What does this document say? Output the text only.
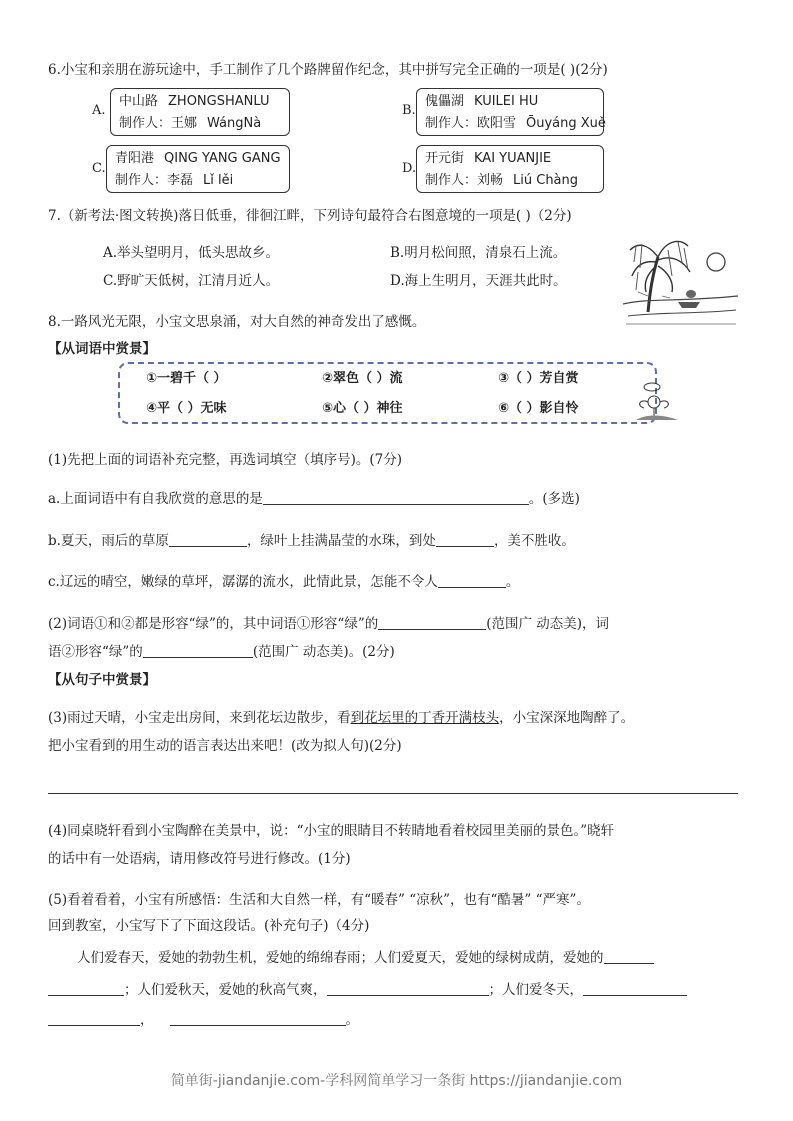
6.小宝和亲朋在游玩途中，手工制作了几个路牌留作纪念，其中拼写完全正确的一项是( )(2分)
A.
中山路 ZHONGSHANLU
制作人：王娜 WángNà
B.
傀儡湖 KUILEI HU
制作人：欧阳雪 Ōuyáng Xuě
C.
青阳港 QING YANG GANG
制作人：李磊 Lǐ lěi
D.
开元街 KAI YUANJIE
制作人：刘畅 Liú Chàng
7.（新考法·图文转换)落日低垂，徘徊江畔，下列诗句最符合右图意境的一项是( )（2分)
A.举头望明月，低头思故乡。	B.明月松间照，清泉石上流。
C.野旷天低树，江清月近人。	D.海上生明月，天涯共此时。
8.一路风光无限，小宝文思泉涌，对大自然的神奇发出了感慨。
【从词语中赏景】
①一碧千（ ）	②翠色（ ）流	③（ ）芳自赏
④平（ ）无味	⑤心（ ）神往	⑥（ ）影自怜
(1)先把上面的词语补充完整，再选词填空（填序号)。(7分)
a.上面词语中有自我欣赏的意思的是	。(多选)
b.夏天，雨后的草原	，绿叶上挂满晶莹的水珠，到处	，美不胜收。
c.辽远的晴空，嫩绿的草坪，潺潺的流水，此情此景，怎能不令人	。
(2)词语①和②都是形容“绿”的，其中词语①形容“绿”的	(范围广 动态美)，词
语②形容“绿”的	(范围广 动态美)。(2分)
【从句子中赏景】
(3)雨过天晴，小宝走出房间，来到花坛边散步，看到花坛里的丁香开满枝头，小宝深深地陶醉了。
把小宝看到的用生动的语言表达出来吧！(改为拟人句)(2分)
(4)同桌晓轩看到小宝陶醉在美景中，说：“小宝的眼睛目不转睛地看着校园里美丽的景色。”晓轩
的话中有一处语病，请用修改符号进行修改。(1分)
(5)看着看着，小宝有所感悟：生活和大自然一样，有“暖春” “凉秋”，也有“酷暑” “严寒”。
回到教室，小宝写下了下面这段话。(补充句子)（4分)
人们爱春天，爱她的勃勃生机，爱她的绵绵春雨；人们爱夏天，爱她的绿树成荫，爱她的
；人们爱秋天，爱她的秋高气爽，	；人们爱冬天，
，	。
简单街-jiandanjie.com-学科网简单学习一条街 https://jiandanjie.com
